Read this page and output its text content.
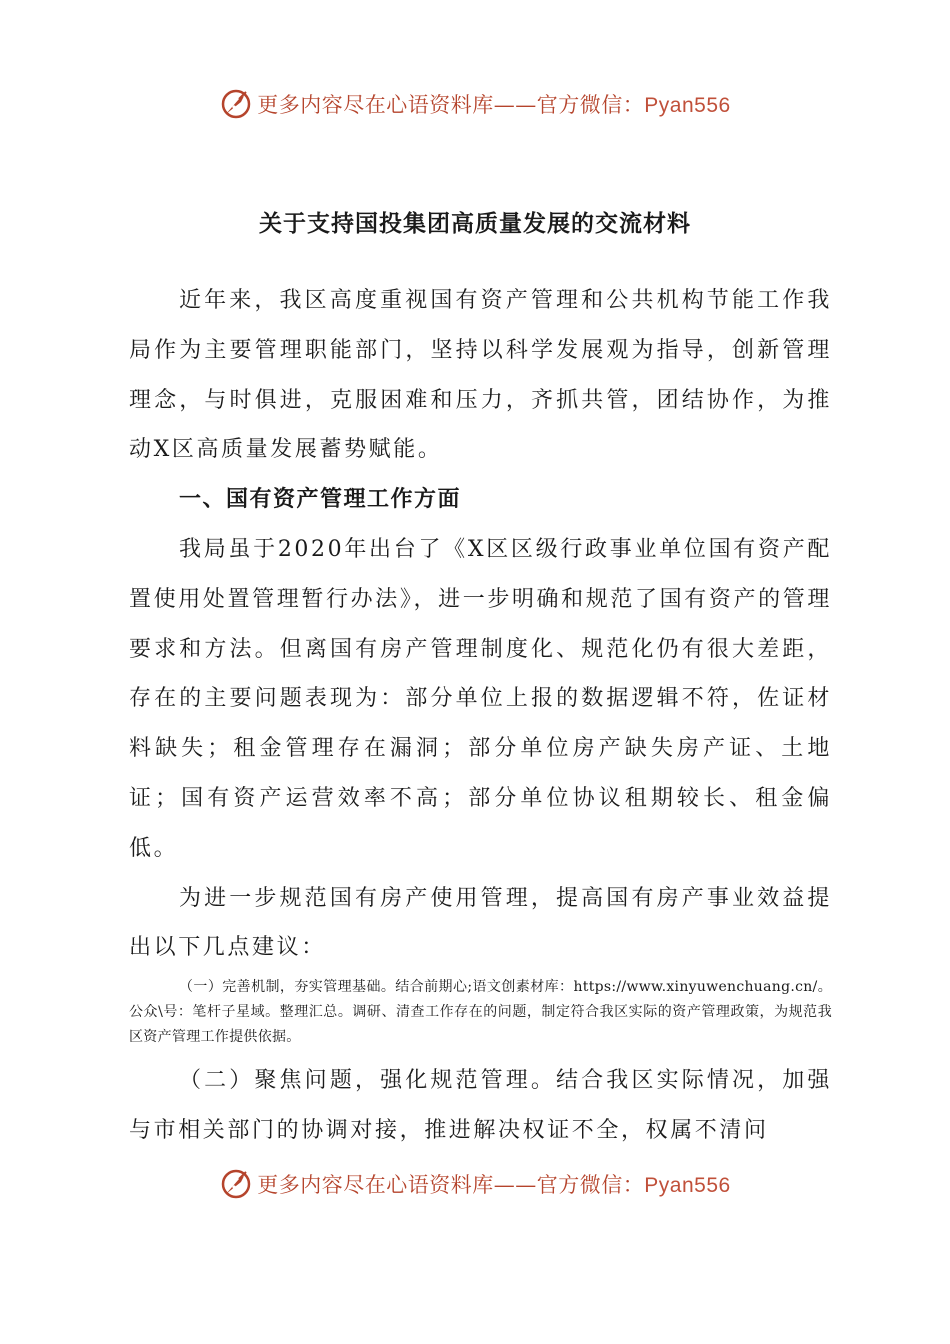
更多内容尽在心语资料库——官方微信：Pyan556
关于支持国投集团高质量发展的交流材料

近年来，我区高度重视国有资产管理和公共机构节能工作我局作为主要管理职能部门，坚持以科学发展观为指导，创新管理理念，与时俱进，克服困难和压力，齐抓共管，团结协作，为推动X区高质量发展蓄势赋能。

一、国有资产管理工作方面

我局虽于2020年出台了《X区区级行政事业单位国有资产配置使用处置管理暂行办法》，进一步明确和规范了国有资产的管理要求和方法。但离国有房产管理制度化、规范化仍有很大差距，存在的主要问题表现为：部分单位上报的数据逻辑不符，佐证材料缺失；租金管理存在漏洞；部分单位房产缺失房产证、土地证；国有资产运营效率不高；部分单位协议租期较长、租金偏低。

为进一步规范国有房产使用管理，提高国有房产事业效益提出以下几点建议：

（一）完善机制，夯实管理基础。结合前期心;语文创素材库：https://www.xinyuwenchuang.cn/。公众\号：笔杆子星域。整理汇总。调研、清查工作存在的问题，制定符合我区实际的资产管理政策，为规范我区资产管理工作提供依据。

（二）聚焦问题，强化规范管理。结合我区实际情况，加强与市相关部门的协调对接，推进解决权证不全，权属不清问

更多内容尽在心语资料库——官方微信：Pyan556
